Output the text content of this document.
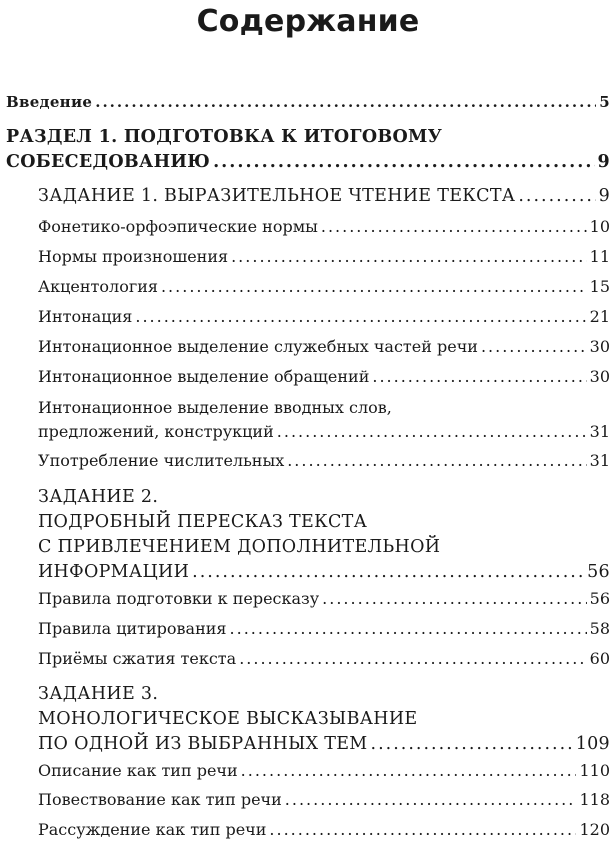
Содержание
Введение .....	5
РАЗДЕЛ 1. ПОДГОТОВКА К ИТОГОВОМУ
СОБЕСЕДОВАНИЮ .....	9
ЗАДАНИЕ 1. ВЫРАЗИТЕЛЬНОЕ ЧТЕНИЕ ТЕКСТА .....	9
Фонетико-орфоэпические нормы .....	10
Нормы произношения .....	11
Акцентология .....	15
Интонация .....	21
Интонационное выделение служебных частей речи .....	30
Интонационное выделение обращений .....	30
Интонационное выделение вводных слов,
предложений, конструкций .....	31
Употребление числительных .....	31
ЗАДАНИЕ 2.
ПОДРОБНЫЙ ПЕРЕСКАЗ ТЕКСТА
С ПРИВЛЕЧЕНИЕМ ДОПОЛНИТЕЛЬНОЙ
ИНФОРМАЦИИ .....	56
Правила подготовки к пересказу .....	56
Правила цитирования .....	58
Приёмы сжатия текста .....	60
ЗАДАНИЕ 3.
МОНОЛОГИЧЕСКОЕ ВЫСКАЗЫВАНИЕ
ПО ОДНОЙ ИЗ ВЫБРАННЫХ ТЕМ .....	109
Описание как тип речи .....	110
Повествование как тип речи .....	118
Рассуждение как тип речи .....	120
